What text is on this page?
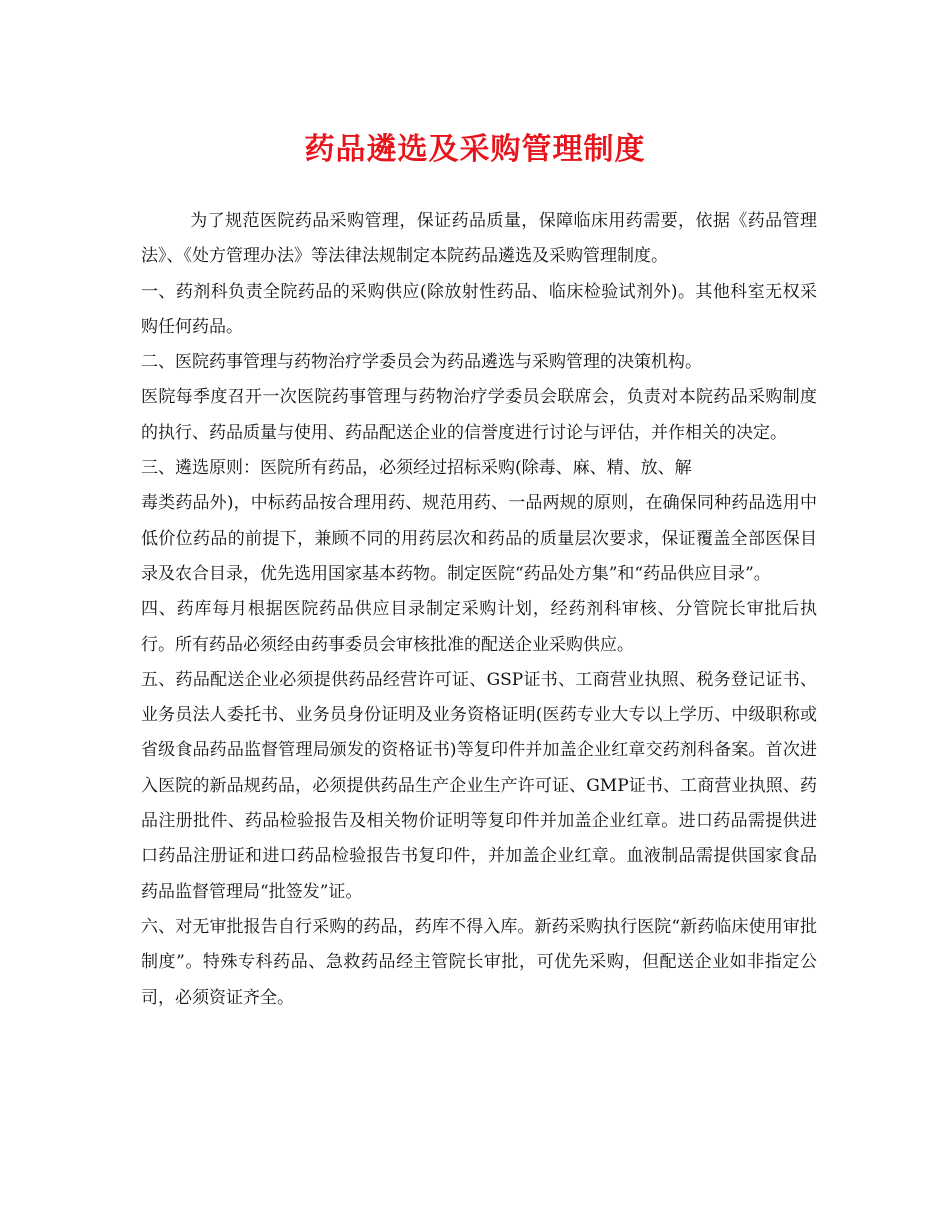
药品遴选及采购管理制度

为了规范医院药品采购管理，保证药品质量，保障临床用药需要，依据《药品管理法》、《处方管理办法》等法律法规制定本院药品遴选及采购管理制度。

一、药剂科负责全院药品的采购供应(除放射性药品、临床检验试剂外)。其他科室无权采购任何药品。

二、医院药事管理与药物治疗学委员会为药品遴选与采购管理的决策机构。

医院每季度召开一次医院药事管理与药物治疗学委员会联席会，负责对本院药品采购制度的执行、药品质量与使用、药品配送企业的信誉度进行讨论与评估，并作相关的决定。

三、遴选原则：医院所有药品，必须经过招标采购(除毒、麻、精、放、解

毒类药品外)，中标药品按合理用药、规范用药、一品两规的原则，在确保同种药品选用中低价位药品的前提下，兼顾不同的用药层次和药品的质量层次要求，保证覆盖全部医保目录及农合目录，优先选用国家基本药物。制定医院“药品处方集”和“药品供应目录”。

四、药库每月根据医院药品供应目录制定采购计划，经药剂科审核、分管院长审批后执行。所有药品必须经由药事委员会审核批准的配送企业采购供应。

五、药品配送企业必须提供药品经营许可证、GSP证书、工商营业执照、税务登记证书、业务员法人委托书、业务员身份证明及业务资格证明(医药专业大专以上学历、中级职称或省级食品药品监督管理局颁发的资格证书)等复印件并加盖企业红章交药剂科备案。首次进入医院的新品规药品，必须提供药品生产企业生产许可证、GMP证书、工商营业执照、药品注册批件、药品检验报告及相关物价证明等复印件并加盖企业红章。进口药品需提供进口药品注册证和进口药品检验报告书复印件，并加盖企业红章。血液制品需提供国家食品药品监督管理局“批签发”证。

六、对无审批报告自行采购的药品，药库不得入库。新药采购执行医院“新药临床使用审批制度”。特殊专科药品、急救药品经主管院长审批，可优先采购，但配送企业如非指定公司，必须资证齐全。
